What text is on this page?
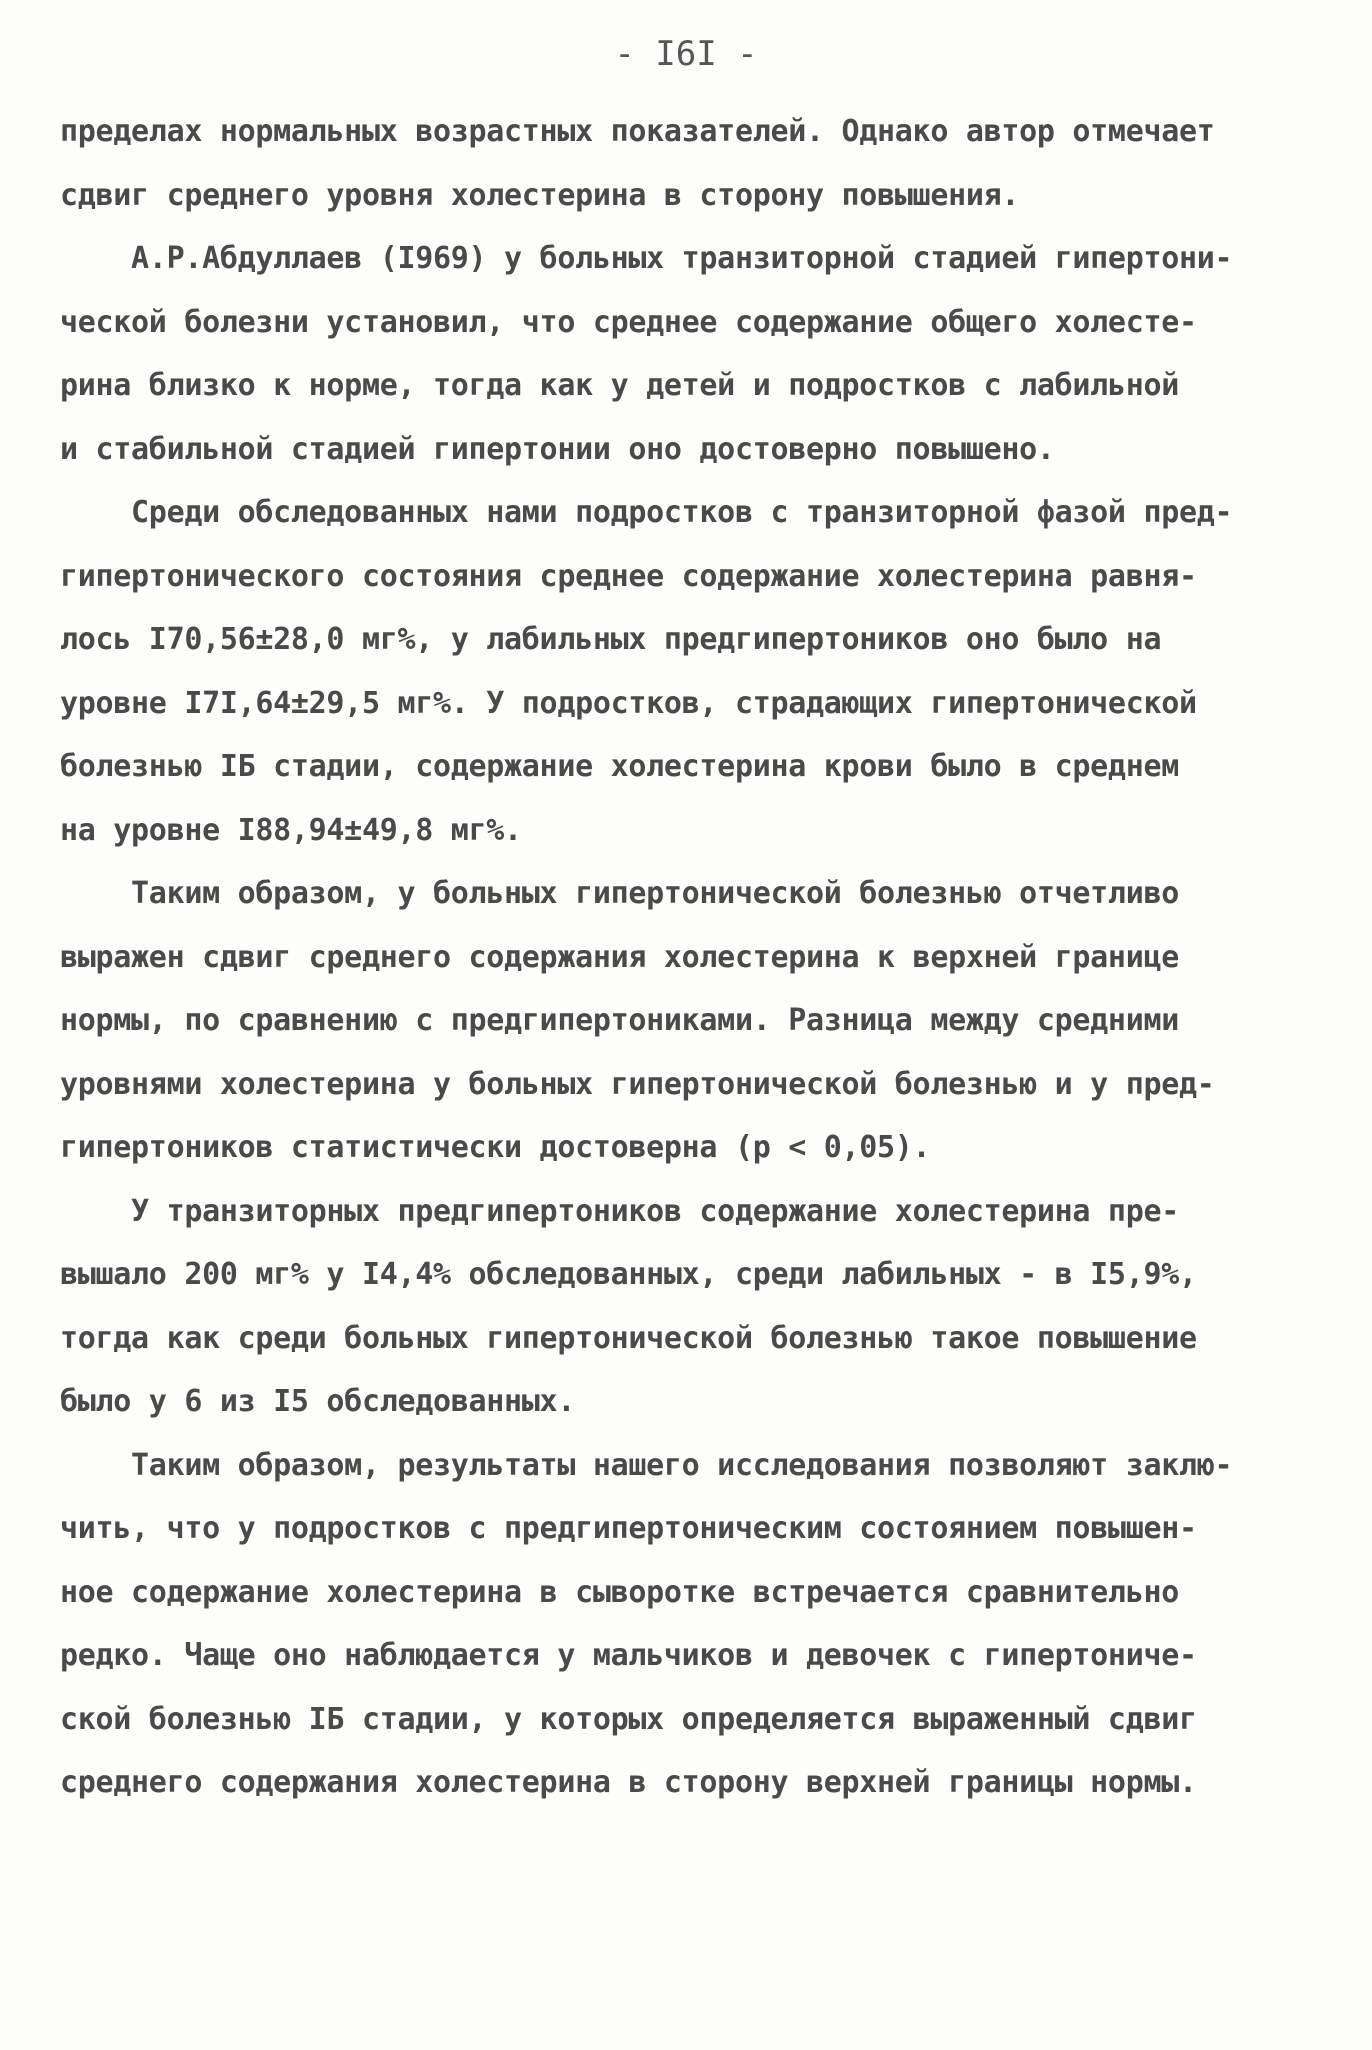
- I6I -
пределах нормальных возрастных показателей. Однако автор отмечает
сдвиг среднего уровня холестерина в сторону повышения.
А.Р.Абдуллаев (I969) у больных транзиторной стадией гипертони-
ческой болезни установил, что среднее содержание общего холесте-
рина близко к норме, тогда как у детей и подростков с лабильной
и стабильной стадией гипертонии оно достоверно повышено.
Среди обследованных нами подростков с транзиторной фазой пред-
гипертонического состояния среднее содержание холестерина равня-
лось I70,56±28,0 мг%, у лабильных предгипертоников оно было на
уровне I7I,64±29,5 мг%. У подростков, страдающих гипертонической
болезнью IБ стадии, содержание холестерина крови было в среднем
на уровне I88,94±49,8 мг%.
Таким образом, у больных гипертонической болезнью отчетливо
выражен сдвиг среднего содержания холестерина к верхней границе
нормы, по сравнению с предгипертониками. Разница между средними
уровнями холестерина у больных гипертонической болезнью и у пред-
гипертоников статистически достоверна (р < 0,05).
У транзиторных предгипертоников содержание холестерина пре-
вышало 200 мг% у I4,4% обследованных, среди лабильных - в I5,9%,
тогда как среди больных гипертонической болезнью такое повышение
было у 6 из I5 обследованных.
Таким образом, результаты нашего исследования позволяют заклю-
чить, что у подростков с предгипертоническим состоянием повышен-
ное содержание холестерина в сыворотке встречается сравнительно
редко. Чаще оно наблюдается у мальчиков и девочек с гипертониче-
ской болезнью IБ стадии, у которых определяется выраженный сдвиг
среднего содержания холестерина в сторону верхней границы нормы.
